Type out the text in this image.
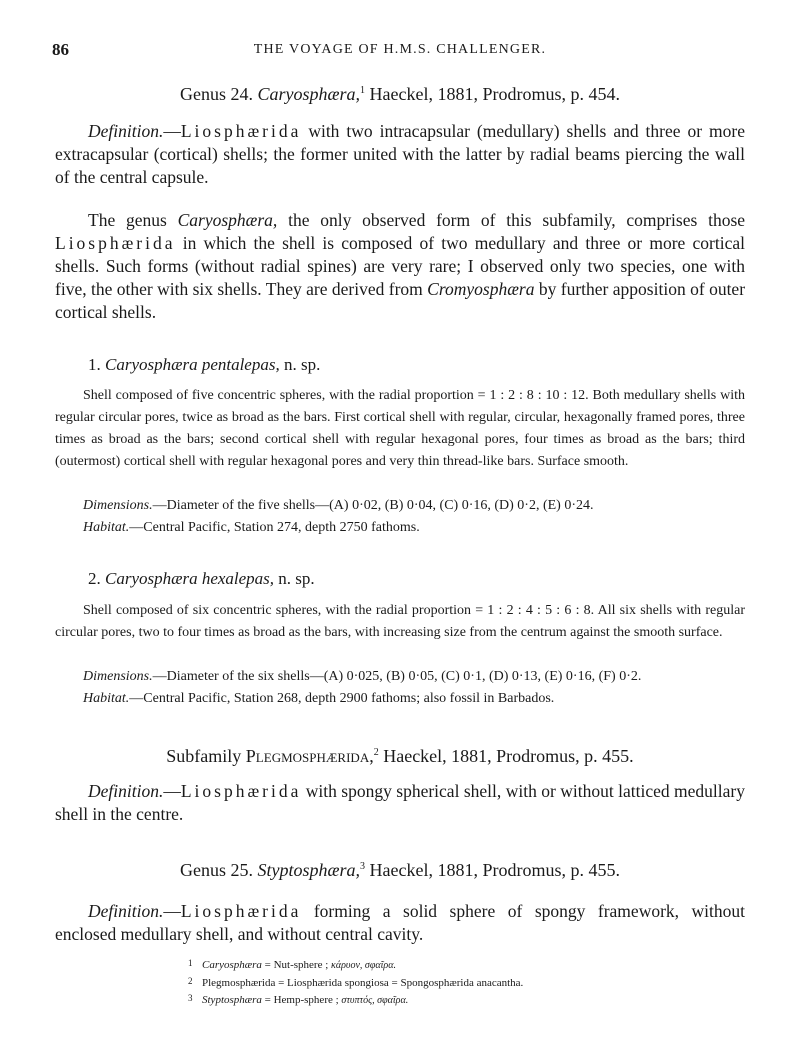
86	THE VOYAGE OF H.M.S. CHALLENGER.
Genus 24. Caryosphæra,$^1$ Haeckel, 1881, Prodromus, p. 454.
Definition.—Liosphærida with two intracapsular (medullary) shells and three or more extracapsular (cortical) shells; the former united with the latter by radial beams piercing the wall of the central capsule.
The genus Caryosphæra, the only observed form of this subfamily, comprises those Liosphærida in which the shell is composed of two medullary and three or more cortical shells. Such forms (without radial spines) are very rare; I observed only two species, one with five, the other with six shells. They are derived from Cromyosphæra by further apposition of outer cortical shells.
1. Caryosphæra pentalepas, n. sp.
Shell composed of five concentric spheres, with the radial proportion = 1 : 2 : 8 : 10 : 12. Both medullary shells with regular circular pores, twice as broad as the bars. First cortical shell with regular, circular, hexagonally framed pores, three times as broad as the bars; second cortical shell with regular hexagonal pores, four times as broad as the bars; third (outermost) cortical shell with regular hexagonal pores and very thin thread-like bars. Surface smooth.
Dimensions.—Diameter of the five shells—(A) 0·02, (B) 0·04, (C) 0·16, (D) 0·2, (E) 0·24.
Habitat.—Central Pacific, Station 274, depth 2750 fathoms.
2. Caryosphæra hexalepas, n. sp.
Shell composed of six concentric spheres, with the radial proportion = 1 : 2 : 4 : 5 : 6 : 8. All six shells with regular circular pores, two to four times as broad as the bars, with increasing size from the centrum against the smooth surface.
Dimensions.—Diameter of the six shells—(A) 0·025, (B) 0·05, (C) 0·1, (D) 0·13, (E) 0·16, (F) 0·2.
Habitat.—Central Pacific, Station 268, depth 2900 fathoms; also fossil in Barbados.
Subfamily Plegmosphærida,$^2$ Haeckel, 1881, Prodromus, p. 455.
Definition.—Liosphærida with spongy spherical shell, with or without latticed medullary shell in the centre.
Genus 25. Styptosphæra,$^3$ Haeckel, 1881, Prodromus, p. 455.
Definition.—Liosphærida forming a solid sphere of spongy framework, without enclosed medullary shell, and without central cavity.
1 Caryosphæra = Nut-sphere ; κάρυον, σφαῖρα.
2 Plegmosphærida = Liosphærida spongiosa = Spongosphærida anacantha.
3 Styptosphæra = Hemp-sphere ; στυπτός, σφαῖρα.
